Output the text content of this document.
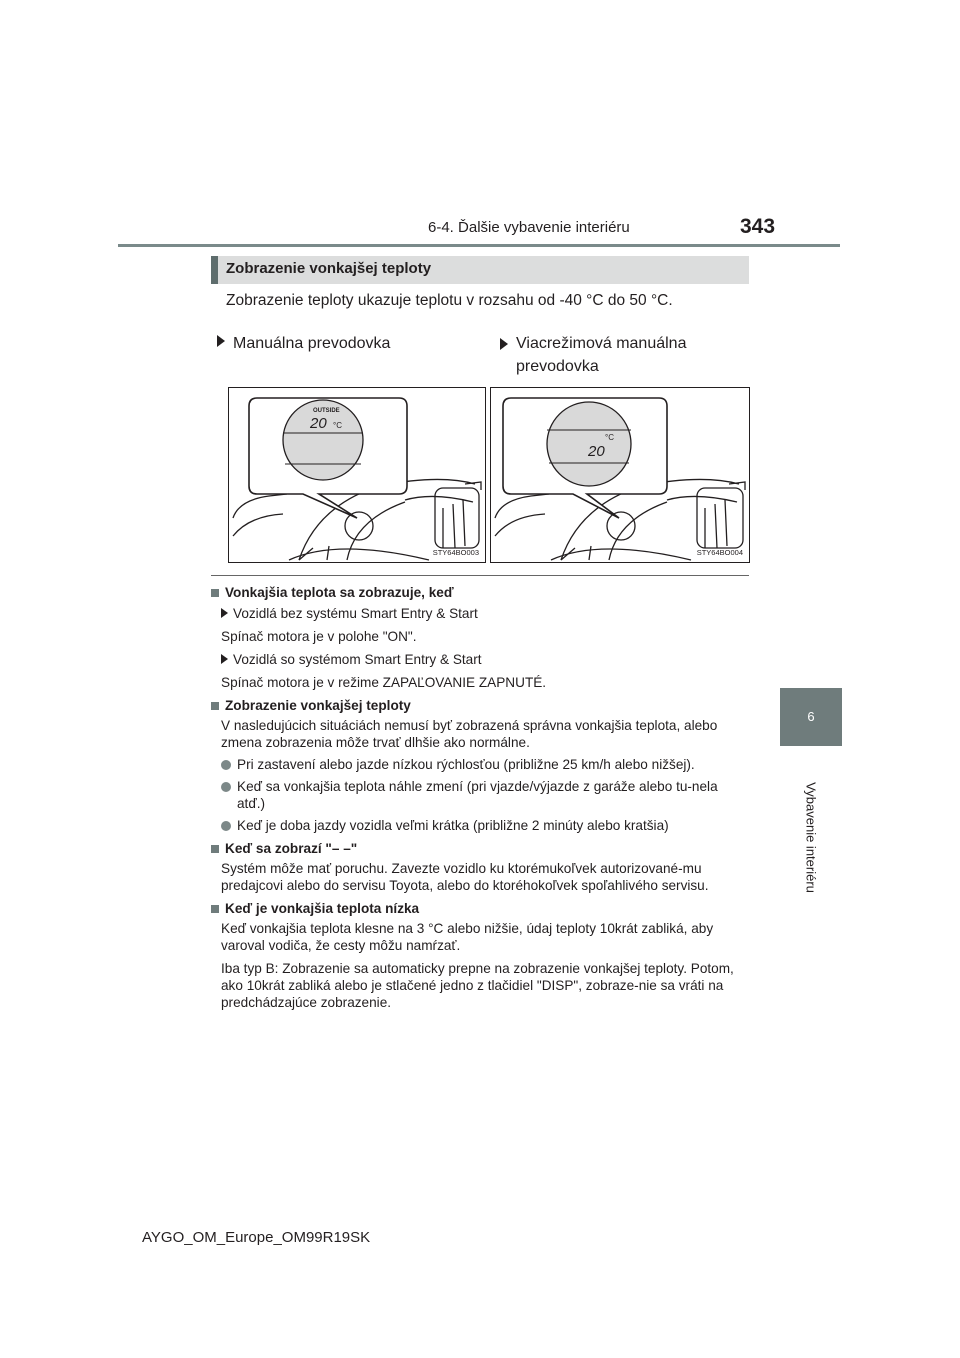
6-4. Ďalšie vybavenie interiéru	343
6
Vybavenie interiéru
Zobrazenie vonkajšej teploty
Zobrazenie teploty ukazuje teplotu v rozsahu od -40 °C do 50 °C.
Manuálna prevodovka	Viacrežimová manuálna prevodovka
OUTSIDE
20 °C
STY64BO003
20
°C
STY64BO004
Vonkajšia teplota sa zobrazuje, keď
Vozidlá bez systému Smart Entry & Start
Spínač motora je v polohe "ON".
Vozidlá so systémom Smart Entry & Start
Spínač motora je v režime ZAPAĽOVANIE ZAPNUTÉ.
Zobrazenie vonkajšej teploty
V nasledujúcich situáciách nemusí byť zobrazená správna vonkajšia teplota, alebo zmena zobrazenia môže trvať dlhšie ako normálne.
Pri zastavení alebo jazde nízkou rýchlosťou (približne 25 km/h alebo nižšej).
Keď sa vonkajšia teplota náhle zmení (pri vjazde/výjazde z garáže alebo tu-nela atď.)
Keď je doba jazdy vozidla veľmi krátka (približne 2 minúty alebo kratšia)
Keď sa zobrazí "– –"
Systém môže mať poruchu. Zavezte vozidlo ku ktorémukoľvek autorizované-mu predajcovi alebo do servisu Toyota, alebo do ktoréhokoľvek spoľahlivého servisu.
Keď je vonkajšia teplota nízka
Keď vonkajšia teplota klesne na 3 °C alebo nižšie, údaj teploty 10krát zabliká, aby varoval vodiča, že cesty môžu namŕzať.
Iba typ B: Zobrazenie sa automaticky prepne na zobrazenie vonkajšej teploty. Potom, ako 10krát zabliká alebo je stlačené jedno z tlačidiel "DISP", zobraze-nie sa vráti na predchádzajúce zobrazenie.
AYGO_OM_Europe_OM99R19SK
